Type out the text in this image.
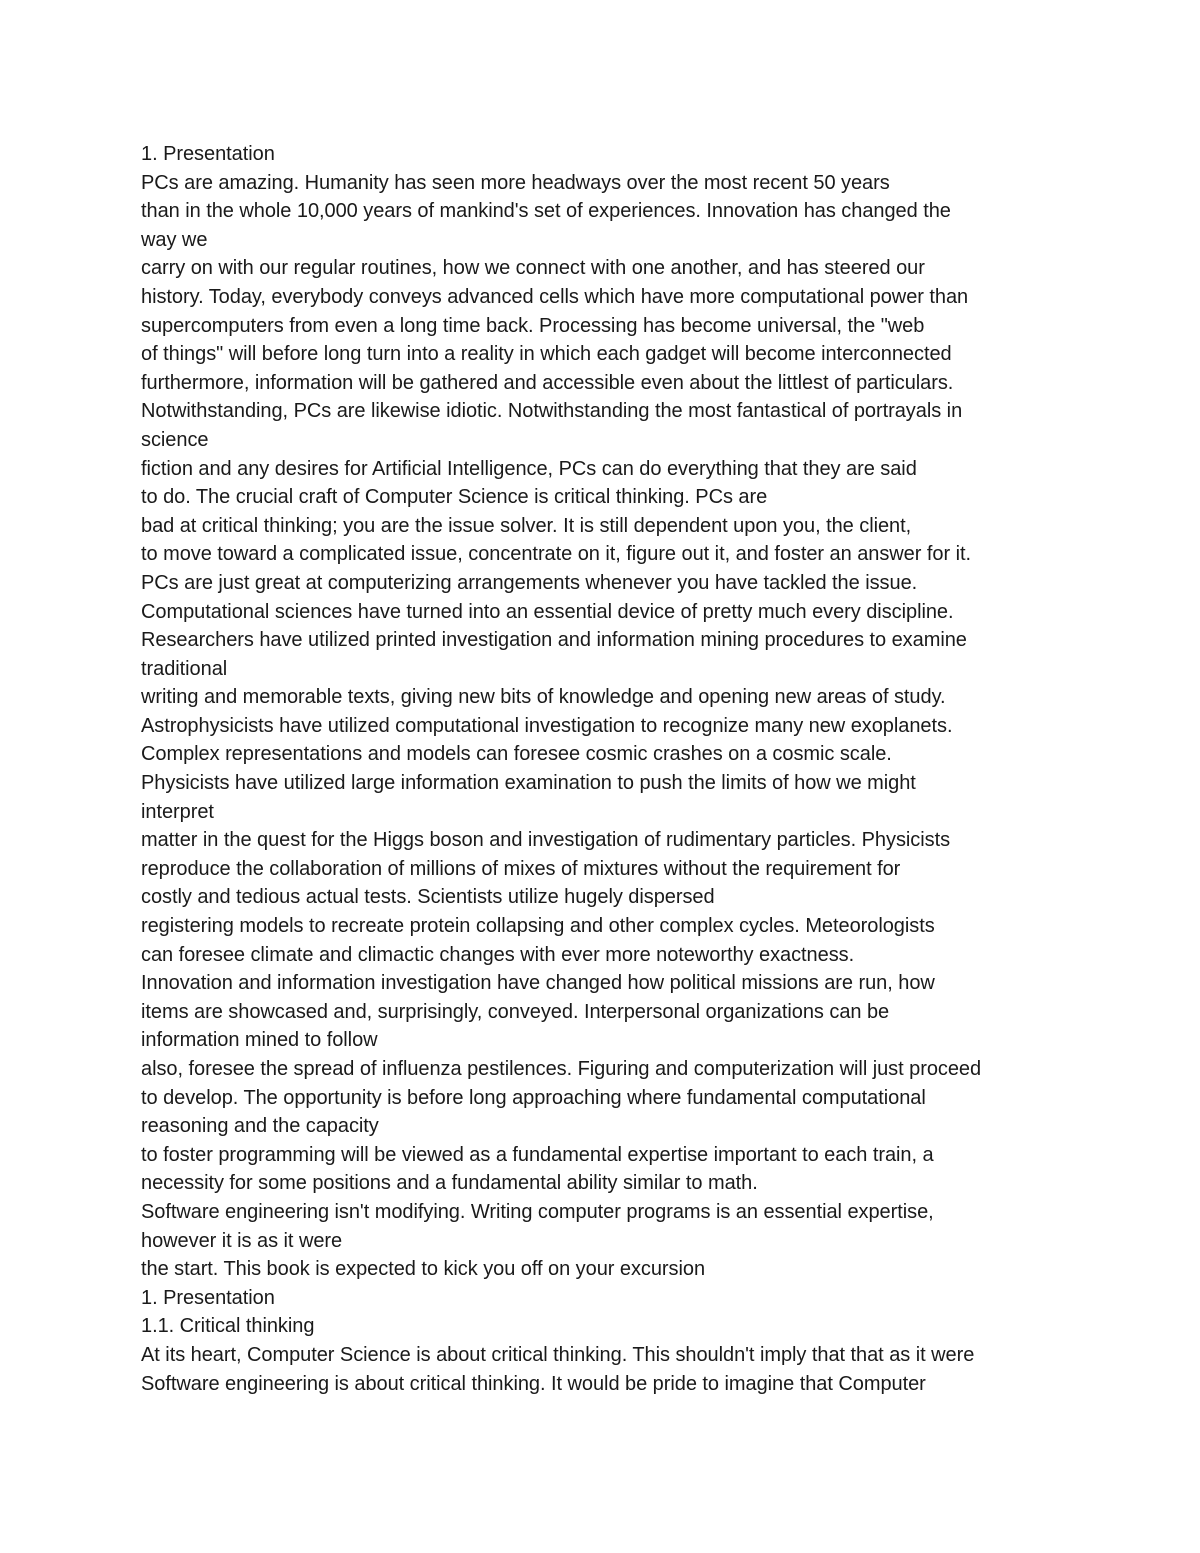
1. Presentation
PCs are amazing. Humanity has seen more headways over the most recent 50 years
than in the whole 10,000 years of mankind's set of experiences. Innovation has changed the
way we
carry on with our regular routines, how we connect with one another, and has steered our
history. Today, everybody conveys advanced cells which have more computational power than
supercomputers from even a long time back. Processing has become universal, the "web
of things" will before long turn into a reality in which each gadget will become interconnected
furthermore, information will be gathered and accessible even about the littlest of particulars.
Notwithstanding, PCs are likewise idiotic. Notwithstanding the most fantastical of portrayals in
science
fiction and any desires for Artificial Intelligence, PCs can do everything that they are said
to do. The crucial craft of Computer Science is critical thinking. PCs are
bad at critical thinking; you are the issue solver. It is still dependent upon you, the client,
to move toward a complicated issue, concentrate on it, figure out it, and foster an answer for it.
PCs are just great at computerizing arrangements whenever you have tackled the issue.
Computational sciences have turned into an essential device of pretty much every discipline.
Researchers have utilized printed investigation and information mining procedures to examine
traditional
writing and memorable texts, giving new bits of knowledge and opening new areas of study.
Astrophysicists have utilized computational investigation to recognize many new exoplanets.
Complex representations and models can foresee cosmic crashes on a cosmic scale.
Physicists have utilized large information examination to push the limits of how we might
interpret
matter in the quest for the Higgs boson and investigation of rudimentary particles. Physicists
reproduce the collaboration of millions of mixes of mixtures without the requirement for
costly and tedious actual tests. Scientists utilize hugely dispersed
registering models to recreate protein collapsing and other complex cycles. Meteorologists
can foresee climate and climactic changes with ever more noteworthy exactness.
Innovation and information investigation have changed how political missions are run, how
items are showcased and, surprisingly, conveyed. Interpersonal organizations can be
information mined to follow
also, foresee the spread of influenza pestilences. Figuring and computerization will just proceed
to develop. The opportunity is before long approaching where fundamental computational
reasoning and the capacity
to foster programming will be viewed as a fundamental expertise important to each train, a
necessity for some positions and a fundamental ability similar to math.
Software engineering isn't modifying. Writing computer programs is an essential expertise,
however it is as it were
the start. This book is expected to kick you off on your excursion
1. Presentation
1.1. Critical thinking
At its heart, Computer Science is about critical thinking. This shouldn't imply that that as it were
Software engineering is about critical thinking. It would be pride to imagine that Computer
